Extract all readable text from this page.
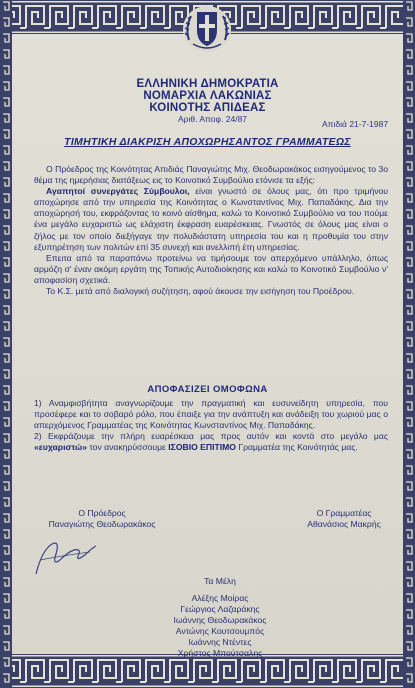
ΕΛΛΗΝΙΚΗ ΔΗΜΟΚΡΑΤΙΑ
ΝΟΜΑΡΧΙΑ ΛΑΚΩΝΙΑΣ
ΚΟΙΝΟΤΗΣ ΑΠΙΔΕΑΣ
Αριθ. Αποφ. 24/87	Απιδιά 21-7-1987
ΤΙΜΗΤΙΚΗ ΔΙΑΚΡΙΣΗ ΑΠΟΧΩΡΗΣΑΝΤΟΣ ΓΡΑΜΜΑΤΕΩΣ

Ο Πρόεδρος της Κοινότητας Απιδιάς Παναγιώτης Μιχ. Θεοδωρακάκος εισηγούμενος το 3ο θέμα της ημερήσιας διατάξεως εις το Κοινοτικό Συμβούλιο ετόνισε τα εξής:

Αγαπητοί συνεργάτες Σύμβουλοι, είναι γνωστό σε όλους μας, ότι προ τριμήνου αποχώρησε από την υπηρεσία της Κοινότητας ο Κωνσταντίνος Μιχ. Παπαδάκης. Δια την αποχώρησή του, εκφράζοντας το κοινό αίσθημα, καλώ το Κοινοτικό Συμβούλιο να του πούμε ένα μεγάλο ευχαριστώ ως ελάχιστη έκφραση ευαρέσκειας. Γνωστός σε όλους μας είναι ο ζήλος με τον οποίο διεξήγαγε την πολυδιάστατη υπηρεσία του και η προθυμία του στην εξυπηρέτηση των πολιτών επί 35 συνεχή και ανελλιπή έτη υπηρεσίας.

Επειτα από τα παραπάνω προτείνω να τιμήσουμε τον απερχόμενο υπάλληλο, όπως αρμόζη σ' έναν ακόμη εργάτη της Τοπικής Αυτοδιοίκησης και καλώ το Κοινοτικό Συμβούλιο ν' αποφασίση σχετικά.

Το Κ.Σ. μετά από διαλογική συζήτηση, αφού άκουσε την εισήγηση του Προέδρου.

ΑΠΟΦΑΣΙΖΕΙ ΟΜΟΦΩΝΑ

1) Αναμφισβήτητα αναγνωρίζουμε την πραγματική και ευσυνείδητη υπηρεσία, που προσέφερε και το σοβαρό ρόλο, που έπαιξε για την ανάπτυξη και ανάδειξη του χωριού μας ο απερχόμενος Γραμματέας της Κοινότητας Κωνσταντίνος Μιχ. Παπαδάκης.

2) Εκφράζουμε την πλήρη ευαρέσκεια μας προς αυτόν και κοντά στο μεγάλο μας «ευχαριστώ» τον ανακηρύσσουμε ΙΣΟΒΙΟ ΕΠΙΤΙΜΟ Γραμματέα της Κοινότητάς μας.

Ο Πρόεδρος
Παναγιώτης Θεοδωρακάκος
Ο Γραμματέας
Αθανάσιος Μακρής
Τα Μέλη
Αλέξης Μοίρας
Γεώργιος Λαζαράκης
Ιωάννης Θεοδωρακάκος
Αντώνης Κουτσουμπός
Ιωάννης Ντέντες
Χρήστος Μπούτσαλης
